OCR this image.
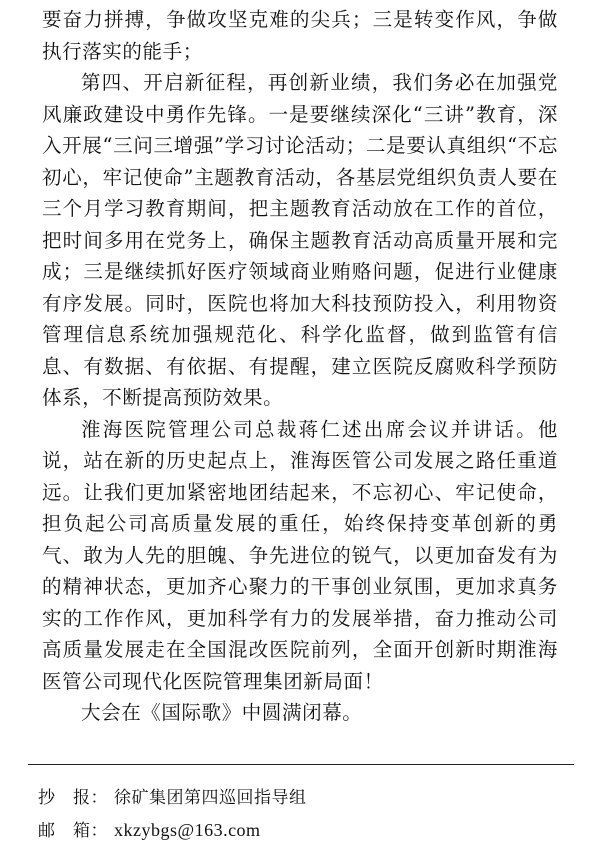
要奋力拼搏，争做攻坚克难的尖兵；三是转变作风，争做执行落实的能手；

第四、开启新征程，再创新业绩，我们务必在加强党风廉政建设中勇作先锋。一是要继续深化“三讲”教育，深入开展“三问三增强”学习讨论活动；二是要认真组织“不忘初心，牢记使命”主题教育活动，各基层党组织负责人要在三个月学习教育期间，把主题教育活动放在工作的首位，把时间多用在党务上，确保主题教育活动高质量开展和完成；三是继续抓好医疗领域商业贿赂问题，促进行业健康有序发展。同时，医院也将加大科技预防投入，利用物资管理信息系统加强规范化、科学化监督，做到监管有信息、有数据、有依据、有提醒，建立医院反腐败科学预防体系，不断提高预防效果。

淮海医院管理公司总裁蒋仁述出席会议并讲话。他说，站在新的历史起点上，淮海医管公司发展之路任重道远。让我们更加紧密地团结起来，不忘初心、牢记使命，担负起公司高质量发展的重任，始终保持变革创新的勇气、敢为人先的胆魄、争先进位的锐气，以更加奋发有为的精神状态，更加齐心聚力的干事创业氛围，更加求真务实的工作作风，更加科学有力的发展举措，奋力推动公司高质量发展走在全国混改医院前列，全面开创新时期淮海医管公司现代化医院管理集团新局面！

大会在《国际歌》中圆满闭幕。

抄　报： 徐矿集团第四巡回指导组
邮　箱： xkzybgs@163.com
